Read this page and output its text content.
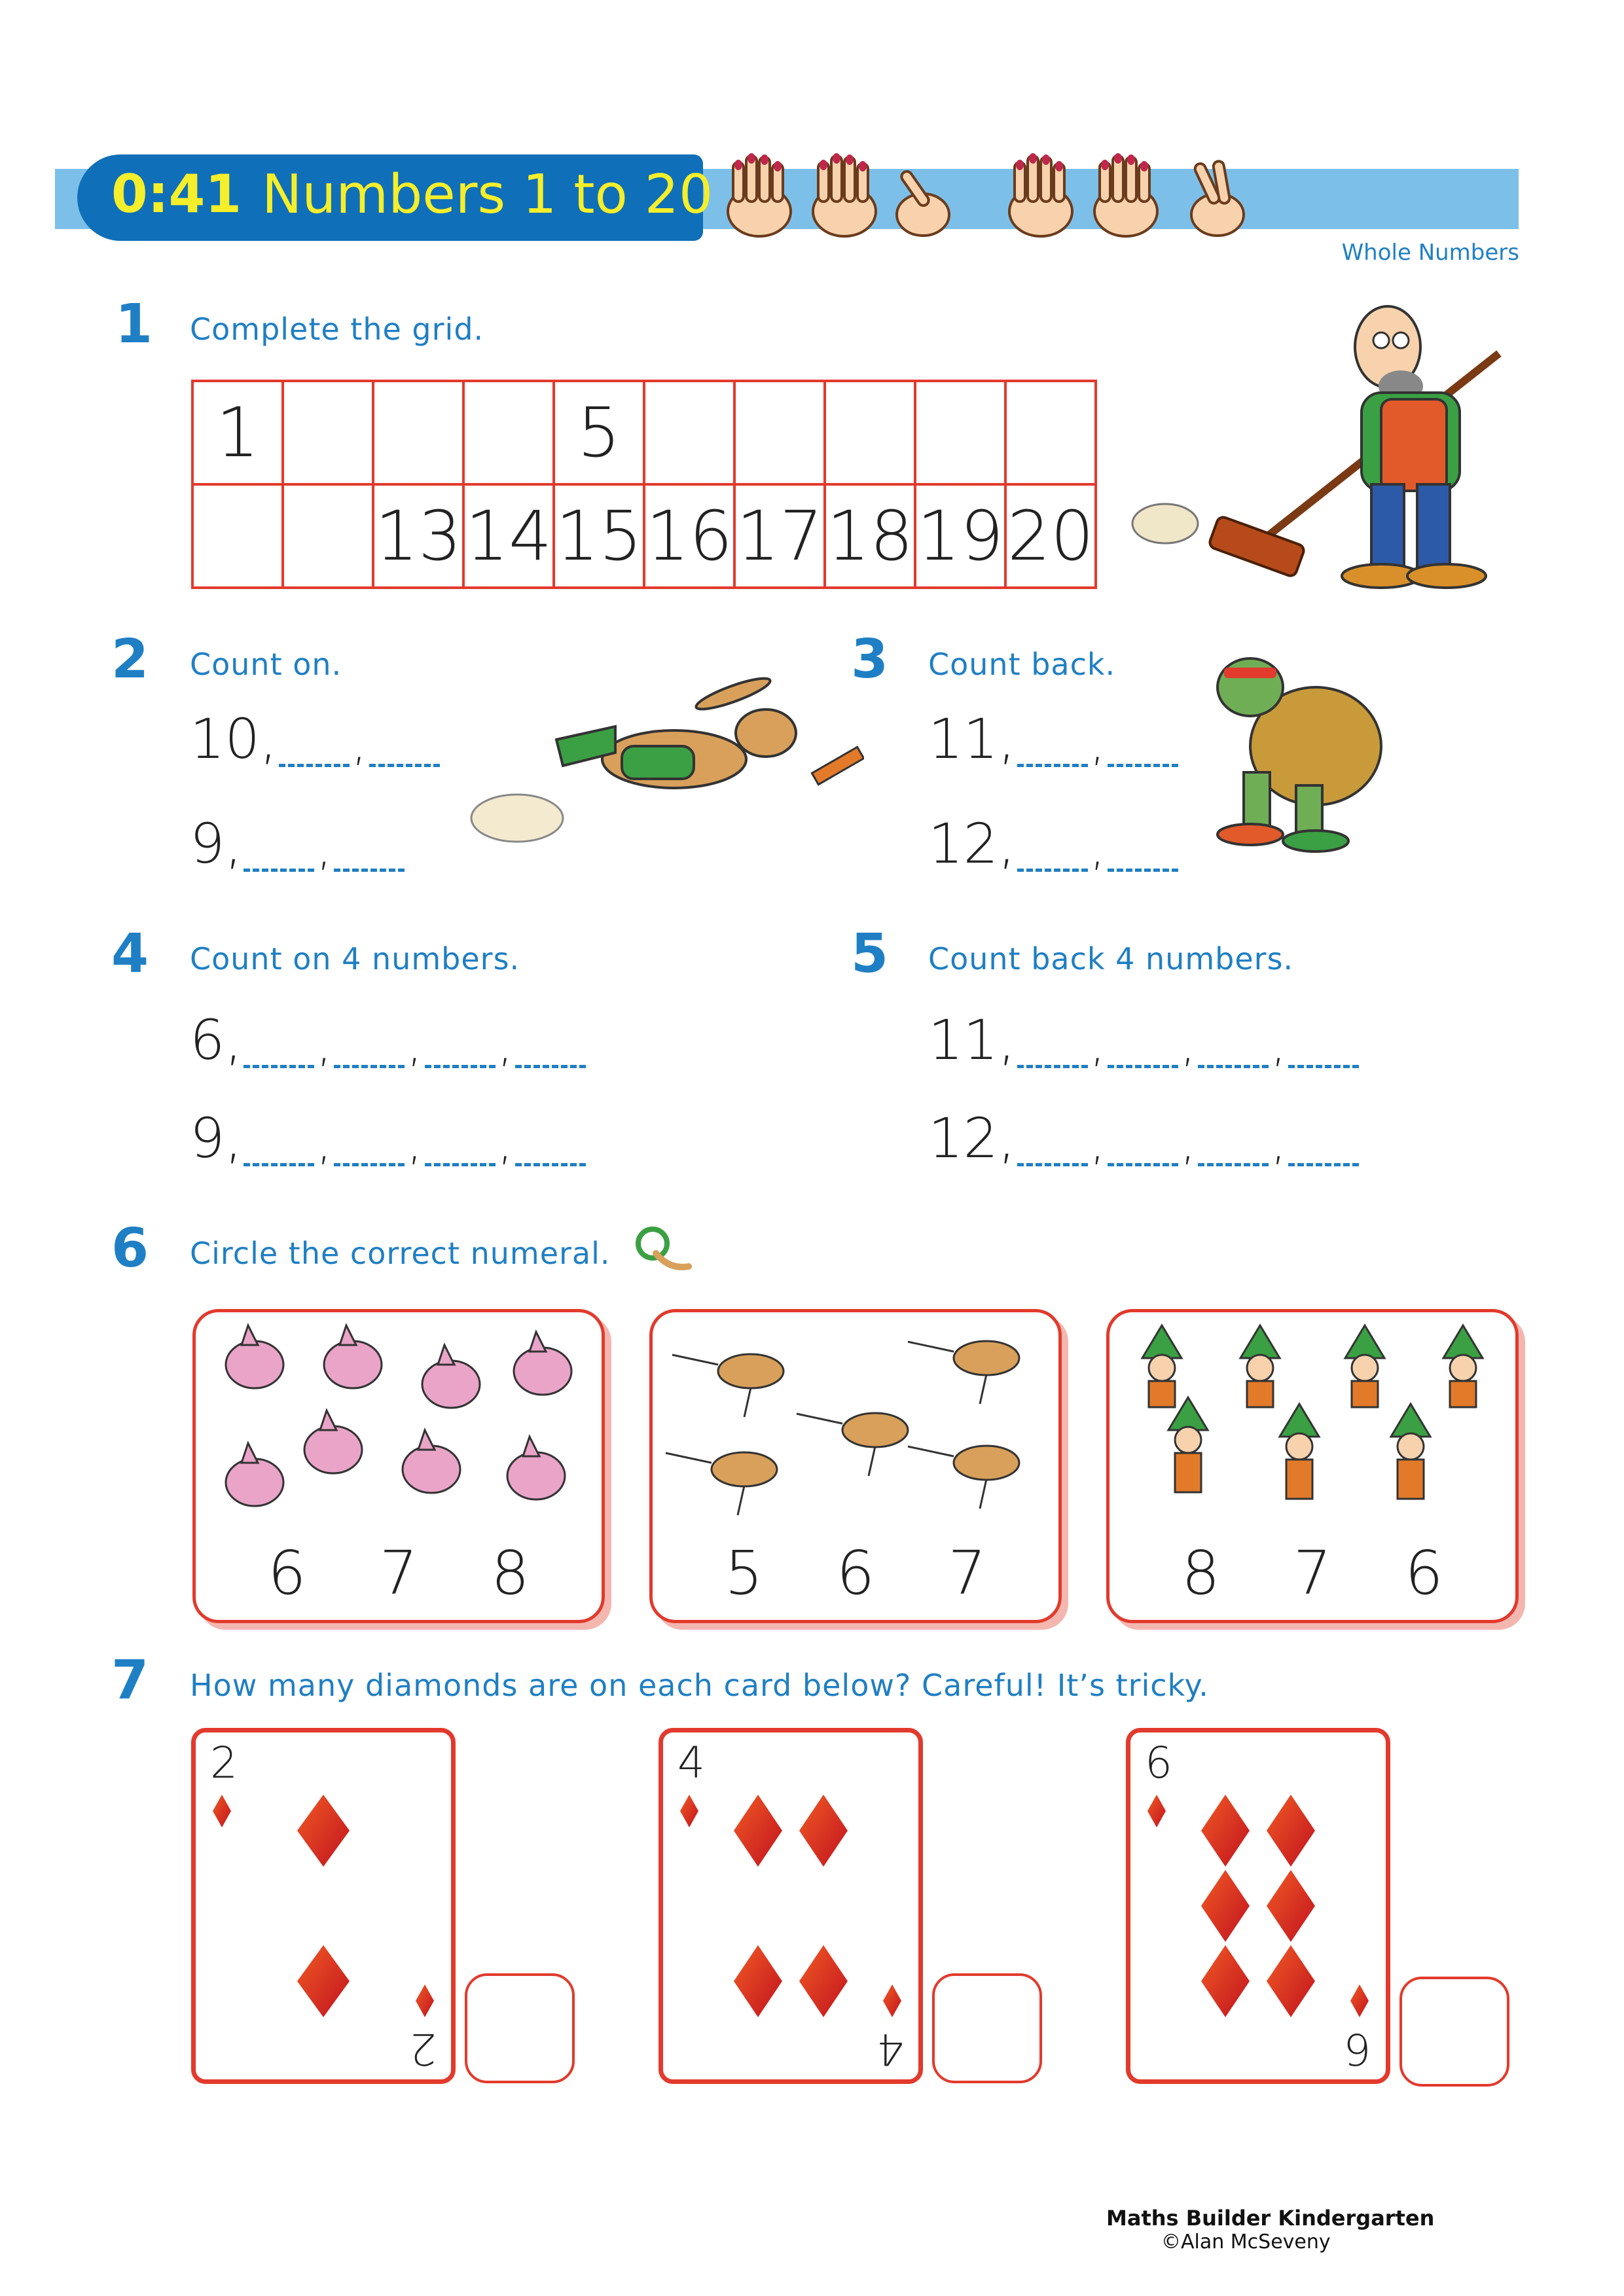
0:41 Numbers 1 to 20
Whole Numbers
1 Complete the grid.
1				5					
		13	14	15	16	17	18	19	20
2 Count on.
10, ,
9, ,
3 Count back.
11, ,
12, ,
4 Count on 4 numbers.
6, , , ,
9, , , ,
5 Count back 4 numbers.
11, , , ,
12, , , ,
6 Circle the correct numeral.
6 7 8	5 6 7	8 7 6
7 How many diamonds are on each card below? Careful! It’s tricky.
2
2
4
4
6
6
Maths Builder Kindergarten
©Alan McSeveny
